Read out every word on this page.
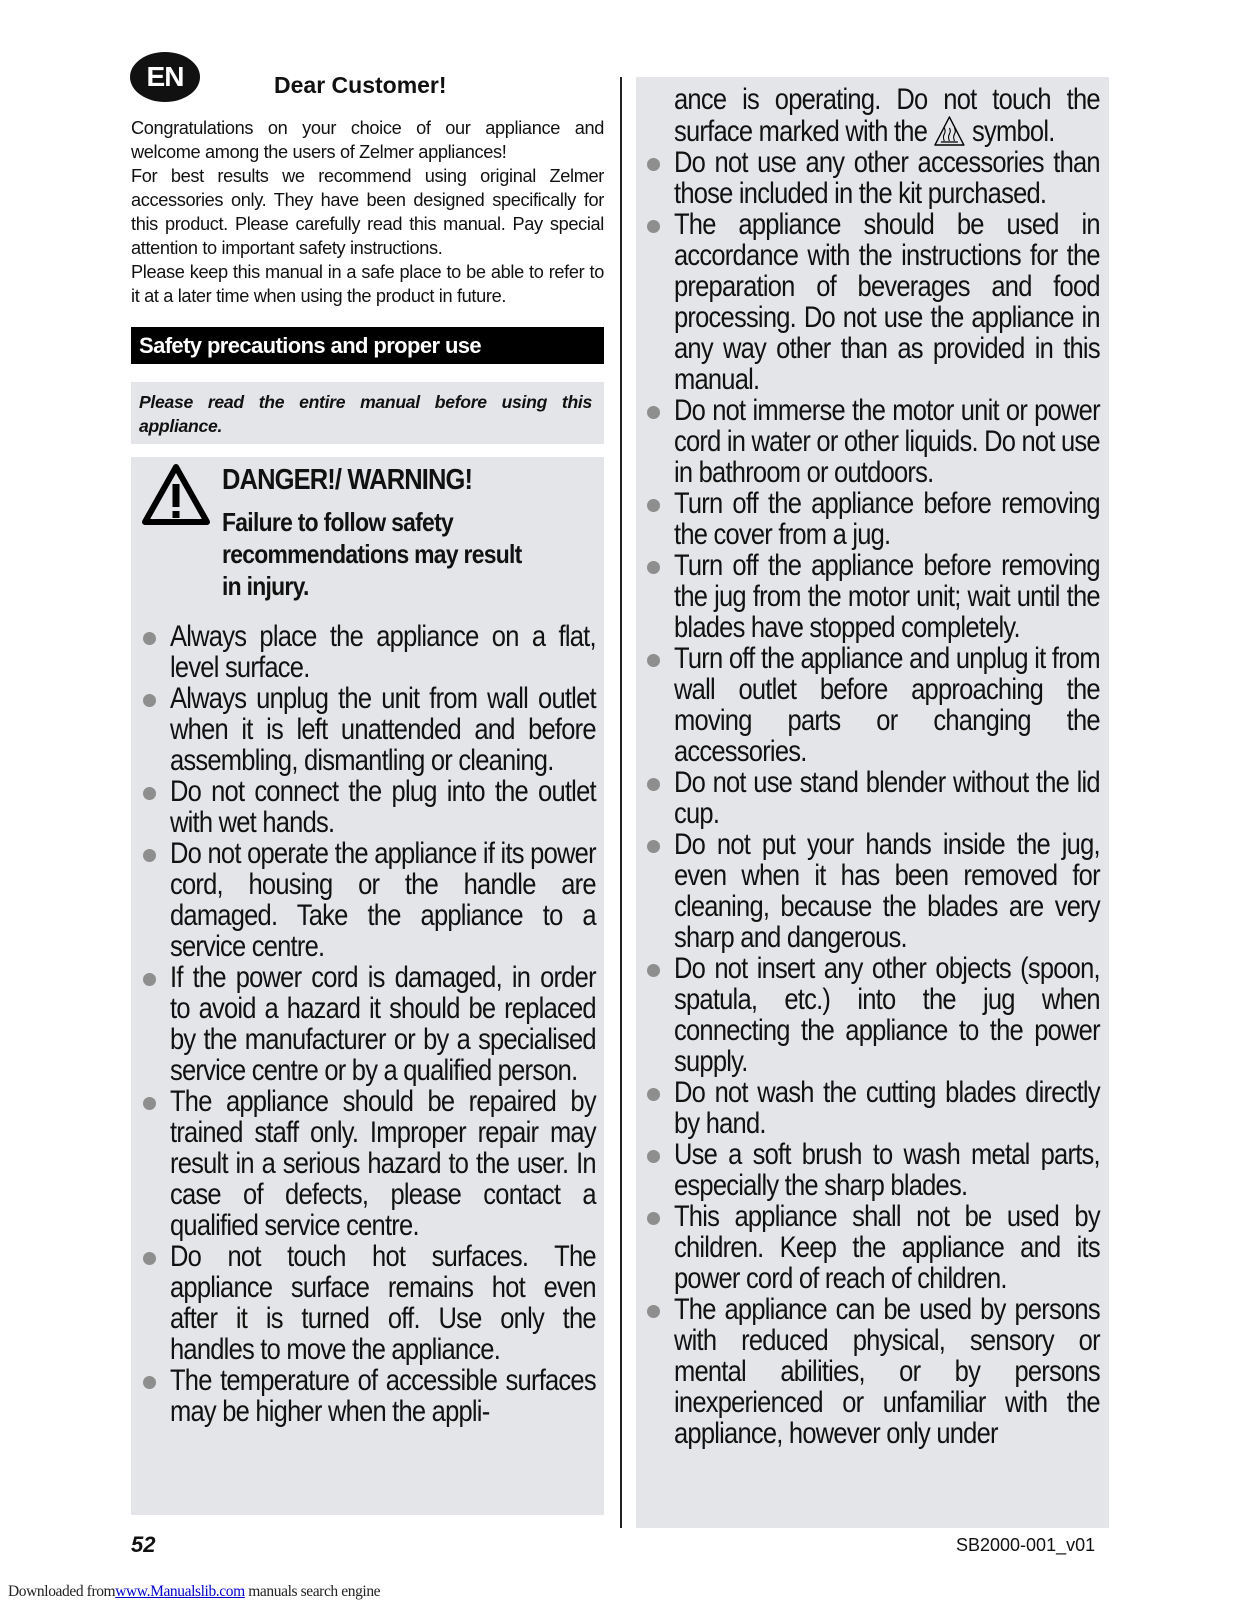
EN	Dear Customer!

Congratulations on your choice of our appliance and welcome among the users of Zelmer appliances!

For best results we recommend using original Zelmer accessories only. They have been designed specifically for this product. Please carefully read this manual. Pay special attention to important safety instructions.

Please keep this manual in a safe place to be able to refer to it at a later time when using the product in future.

Safety precautions and proper use
Please read the entire manual before using this appliance.
DANGER!/ WARNING!
Failure to follow safety recommendations may result in injury.
Always place the appliance on a flat, level surface.
Always unplug the unit from wall outlet when it is left unattended and before assembling, dismantling or cleaning.
Do not connect the plug into the outlet with wet hands.
Do not operate the appliance if its power cord, housing or the handle are damaged. Take the appliance to a service centre.
If the power cord is damaged, in order to avoid a hazard it should be replaced by the manufacturer or by a specialised service centre or by a qualified person.
The appliance should be repaired by trained staff only. Improper repair may result in a serious hazard to the user. In case of defects, please contact a qualified service centre.
Do not touch hot surfaces. The appliance surface remains hot even after it is turned off. Use only the handles to move the appliance.
The temperature of accessible surfaces may be higher when the appli-
ance is operating. Do not touch the surface marked with the symbol.
Do not use any other accessories than those included in the kit purchased.
The appliance should be used in accordance with the instructions for the preparation of beverages and food processing. Do not use the appliance in any way other than as provided in this manual.
Do not immerse the motor unit or power cord in water or other liquids. Do not use in bathroom or outdoors.
Turn off the appliance before removing the cover from a jug.
Turn off the appliance before removing the jug from the motor unit; wait until the blades have stopped completely.
Turn off the appliance and unplug it from wall outlet before approaching the moving parts or changing the accessories.
Do not use stand blender without the lid cup.
Do not put your hands inside the jug, even when it has been removed for cleaning, because the blades are very sharp and dangerous.
Do not insert any other objects (spoon, spatula, etc.) into the jug when connecting the appliance to the power supply.
Do not wash the cutting blades directly by hand.
Use a soft brush to wash metal parts, especially the sharp blades.
This appliance shall not be used by children. Keep the appliance and its power cord of reach of children.
The appliance can be used by persons with reduced physical, sensory or mental abilities, or by persons inexperienced or unfamiliar with the appliance, however only under
52	SB2000-001_v01
Downloaded fromwww.Manualslib.com manuals search engine
